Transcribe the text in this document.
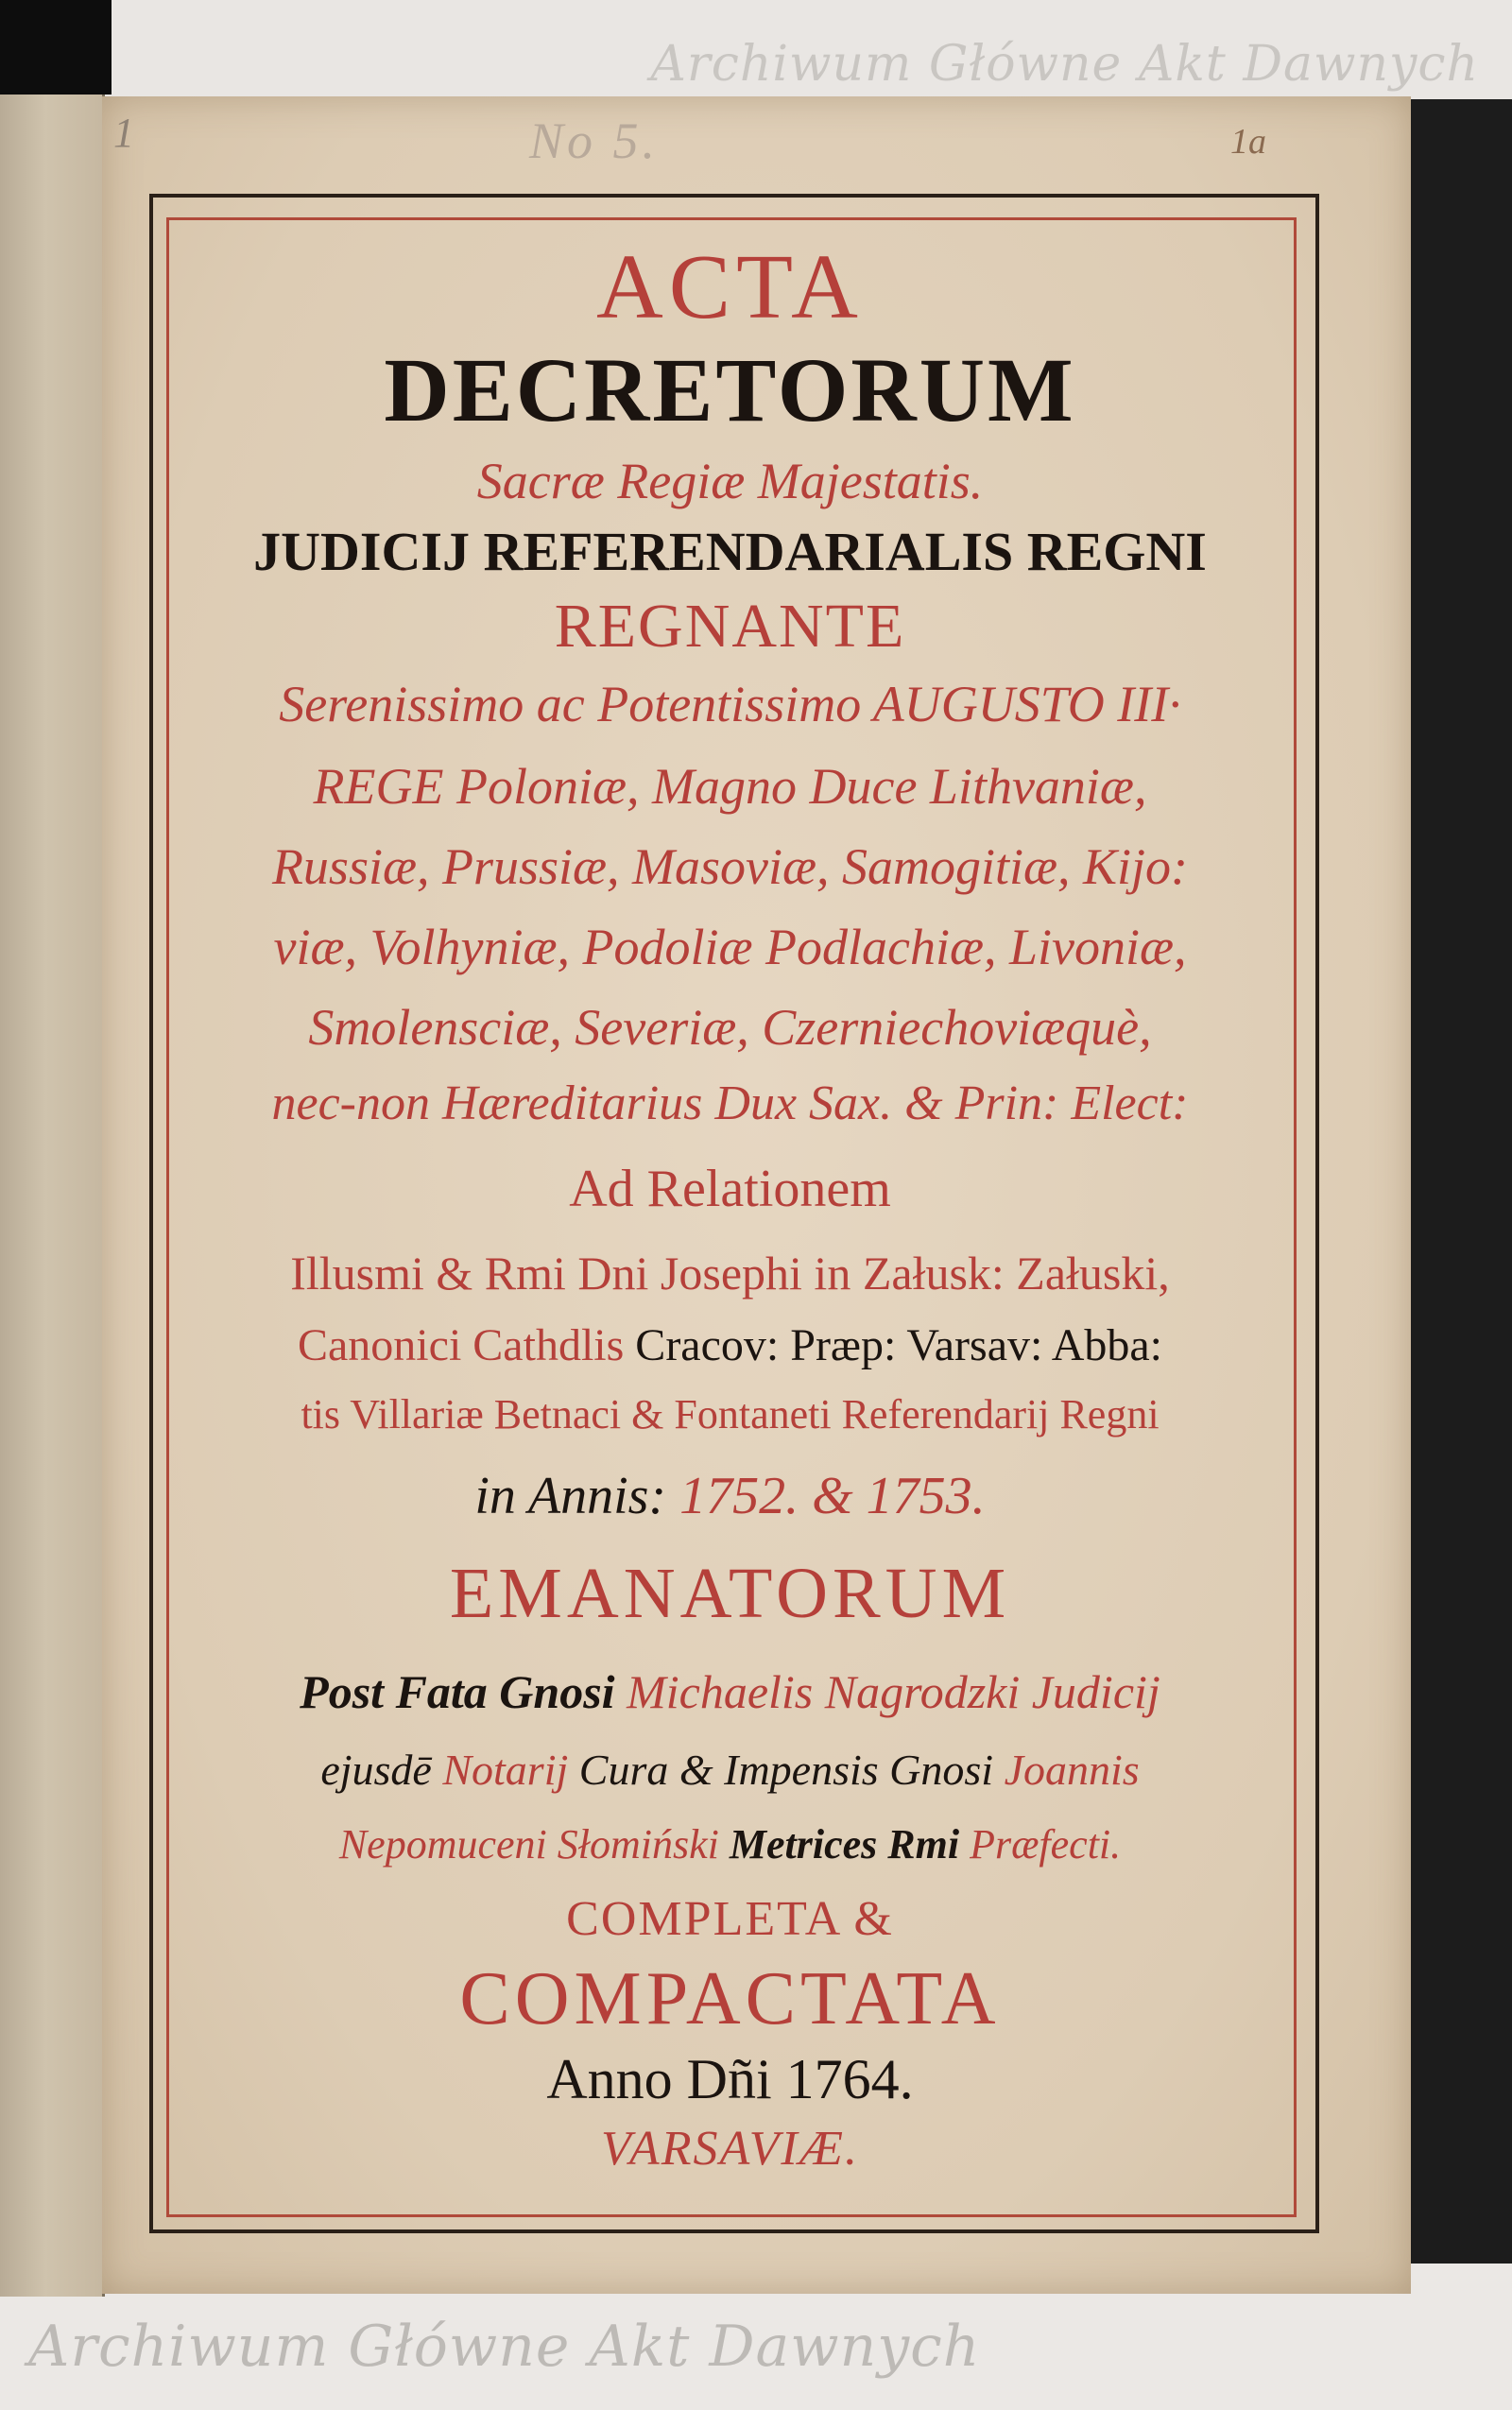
Archiwum Główne Akt Dawnych
1	No 5.	1a
ACTA
DECRETORUM
Sacræ Regiæ Majestatis.
JUDICIJ REFERENDARIALIS REGNI
REGNANTE
Serenissimo ac Potentissimo AUGUSTO III·
REGE Poloniæ, Magno Duce Lithvaniæ,
Russiæ, Prussiæ, Masoviæ, Samogitiæ, Kijo:
viæ, Volhyniæ, Podoliæ Podlachiæ, Livoniæ,
Smolensciæ, Severiæ, Czerniechoviæquè,
nec-non Hæreditarius Dux Sax. & Prin: Elect:
Ad Relationem
Illusmi & Rmi Dni Josephi in Załusk: Załuski,
Canonici Cathdlis Cracov: Præp: Varsav: Abba:
tis Villariæ Betnaci & Fontaneti Referendarij Regni
in Annis: 1752. & 1753.
EMANATORUM
Post Fata Gnosi Michaelis Nagrodzki Judicij
ejusdē Notarij Cura & Impensis Gnosi Joannis
Nepomuceni Słomiński Metrices Rmi Præfecti.
COMPLETA &
COMPACTATA
Anno Dñi 1764.
VARSAVIÆ.
Archiwum Główne Akt Dawnych
